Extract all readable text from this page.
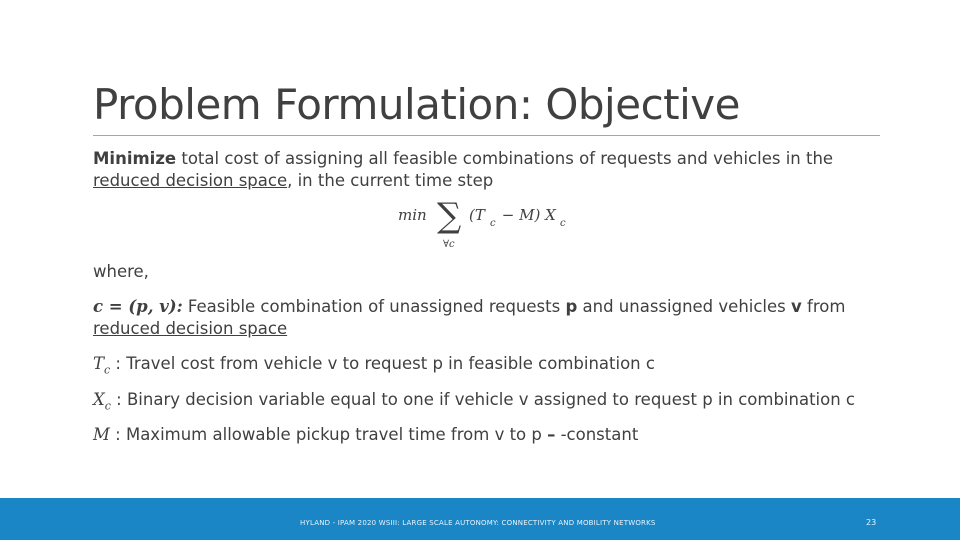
Problem Formulation: Objective
Minimize total cost of assigning all feasible combinations of requests and vehicles in the
reduced decision space, in the current time step
min ∑
∀c
(T c − M) X c
where,
c = (p, v): Feasible combination of unassigned requests p and unassigned vehicles v from
reduced decision space
$T_c$ : Travel cost from vehicle v to request p in feasible combination c
$X_c$ : Binary decision variable equal to one if vehicle v assigned to request p in combination c
M : Maximum allowable pickup travel time from v to p – -constant
HYLAND - IPAM 2020 WSIII: LARGE SCALE AUTONOMY: CONNECTIVITY AND MOBILITY NETWORKS	23
